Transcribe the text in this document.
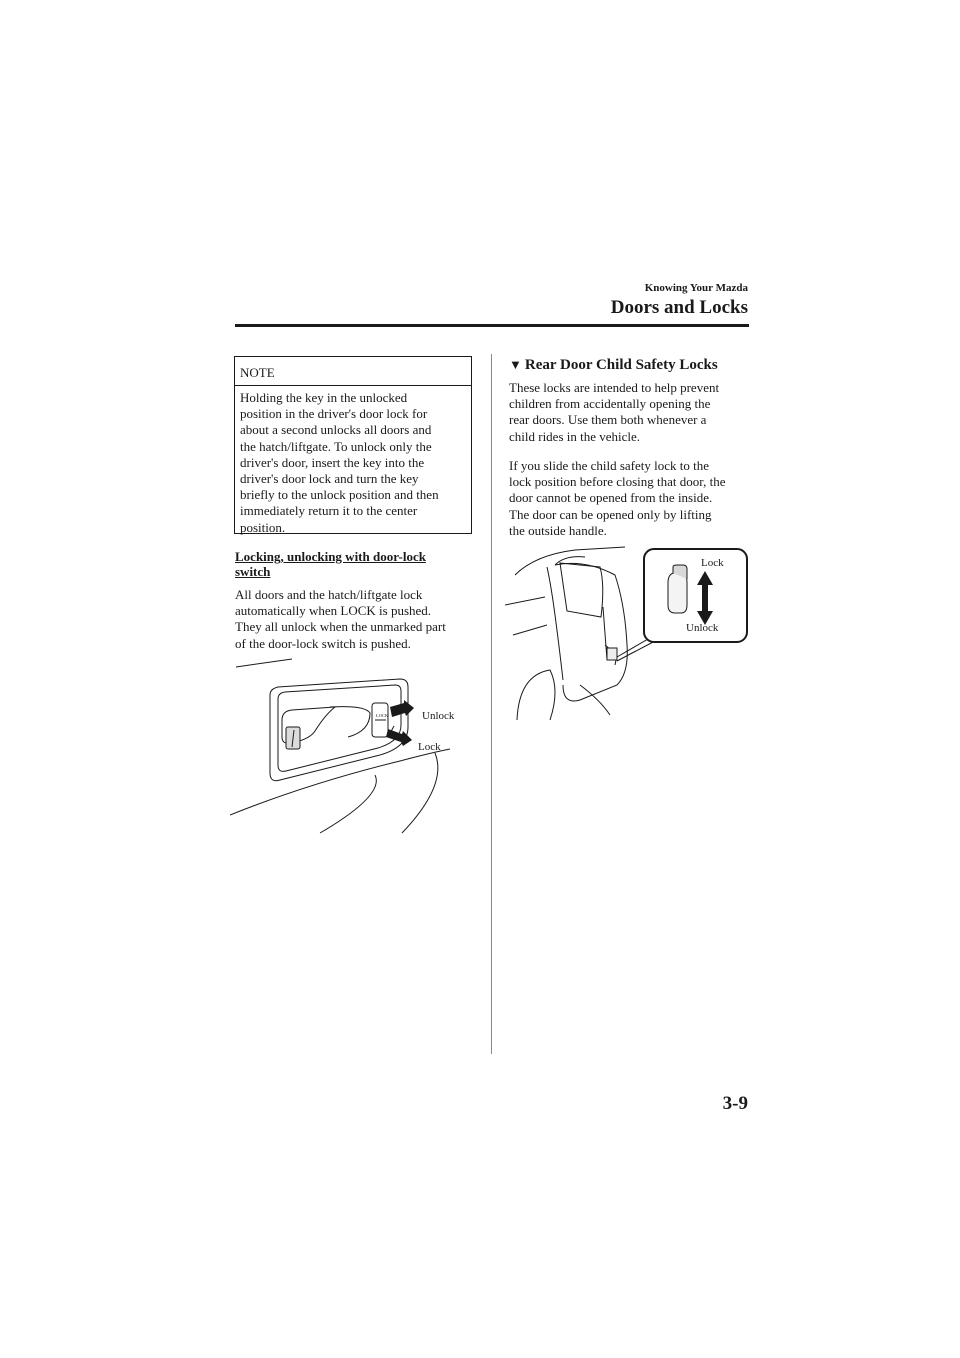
Knowing Your Mazda
Doors and Locks
NOTE
Holding the key in the unlocked
position in the driver's door lock for
about a second unlocks all doors and
the hatch/liftgate. To unlock only the
driver's door, insert the key into the
driver's door lock and turn the key
briefly to the unlock position and then
immediately return it to the center
position.
Locking, unlocking with door-lock
switch
All doors and the hatch/liftgate lock
automatically when LOCK is pushed.
They all unlock when the unmarked part
of the door-lock switch is pushed.
LOCK	Unlock
Lock
▼ Rear Door Child Safety Locks
These locks are intended to help prevent
children from accidentally opening the
rear doors. Use them both whenever a
child rides in the vehicle.
If you slide the child safety lock to the
lock position before closing that door, the
door cannot be opened from the inside.
The door can be opened only by lifting
the outside handle.
Lock
Unlock
3-9
